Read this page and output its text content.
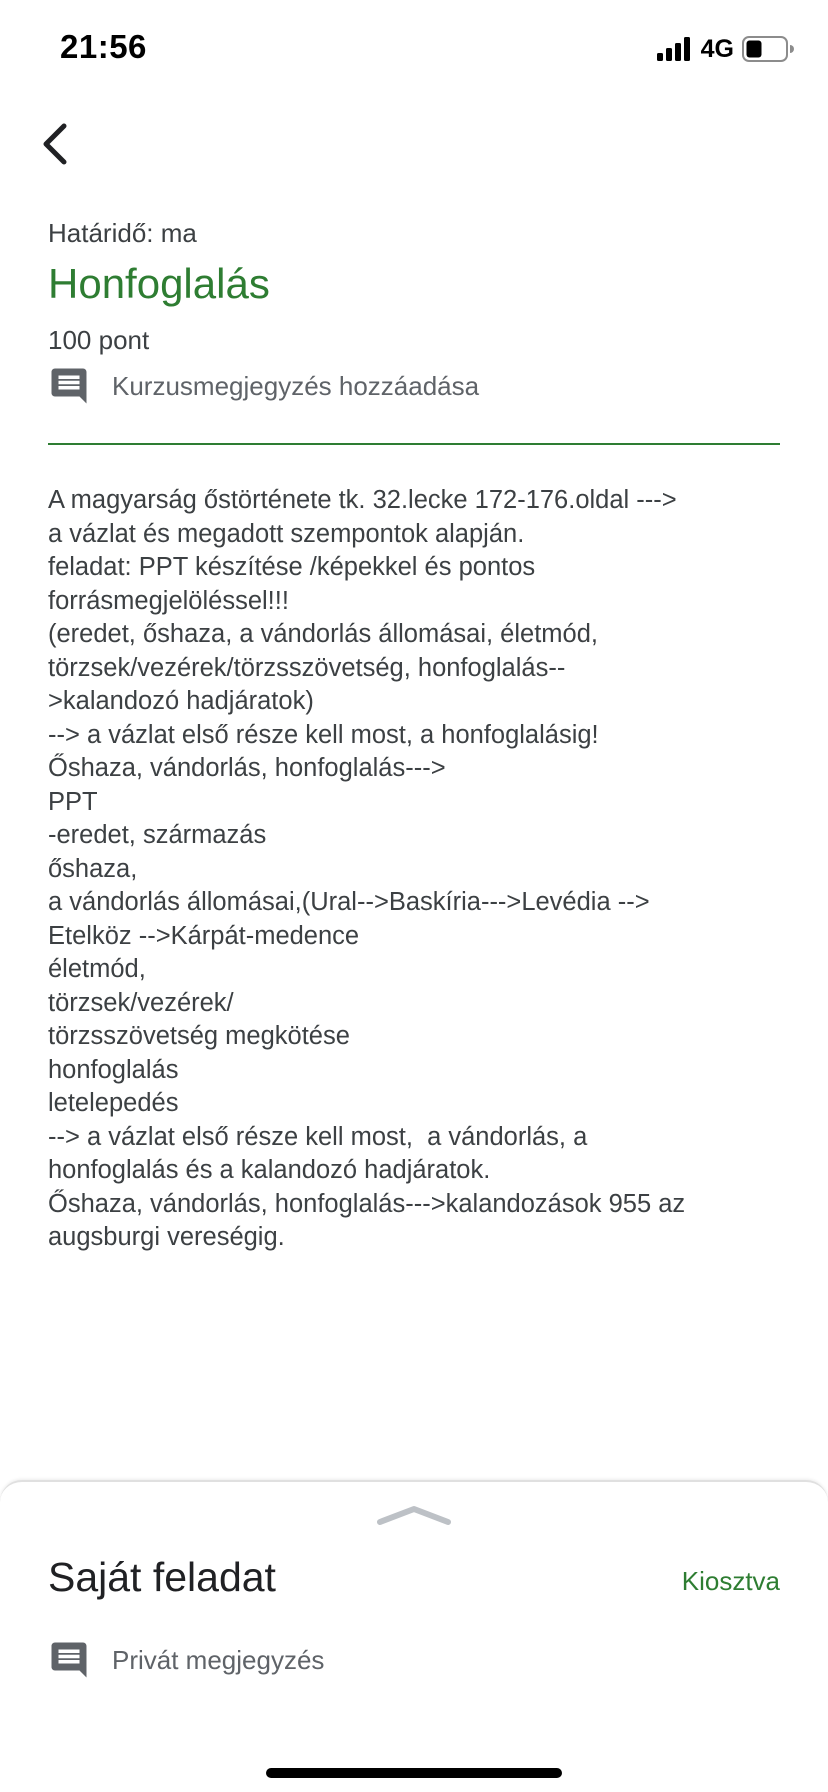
21:56	4G
Határidő: ma
Honfoglalás
100 pont
Kurzusmegjegyzés hozzáadása
A magyarság őstörténete tk. 32.lecke 172-176.oldal --->
a vázlat és megadott szempontok alapján.
feladat: PPT készítése /képekkel és pontos
forrásmegjelöléssel!!!
(eredet, őshaza, a vándorlás állomásai, életmód,
törzsek/vezérek/törzsszövetség, honfoglalás--
>kalandozó hadjáratok)
--> a vázlat első része kell most, a honfoglalásig!
Őshaza, vándorlás, honfoglalás--->
PPT
-eredet, származás
őshaza,
a vándorlás állomásai,(Ural-->Baskíria--->Levédia -->
Etelköz -->Kárpát-medence
életmód,
törzsek/vezérek/
törzsszövetség megkötése
honfoglalás
letelepedés
--> a vázlat első része kell most,  a vándorlás, a
honfoglalás és a kalandozó hadjáratok.
Őshaza, vándorlás, honfoglalás--->kalandozások 955 az
augsburgi vereségig.
Saját feladat	Kiosztva
Privát megjegyzés
